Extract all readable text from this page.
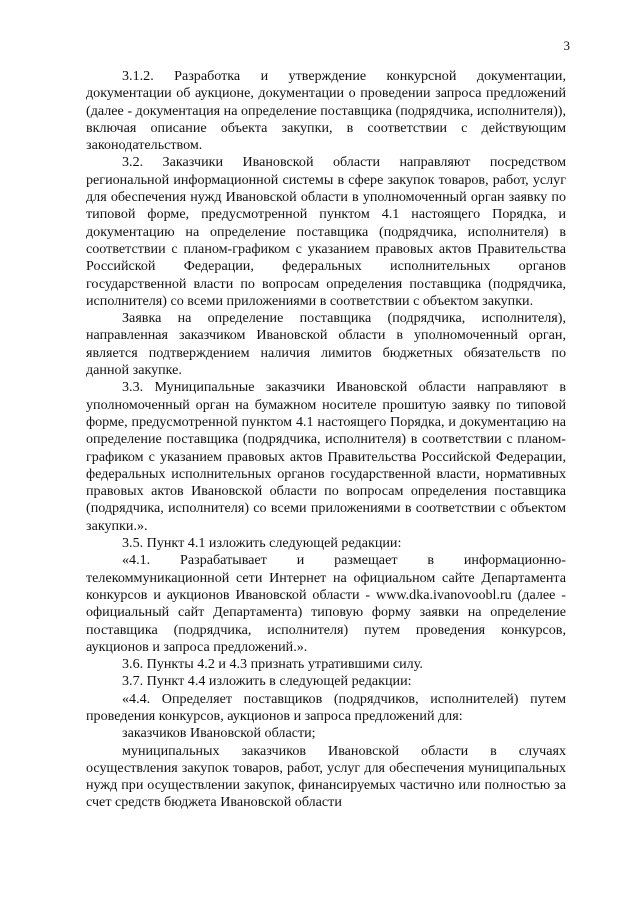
3

3.1.2. Разработка и утверждение конкурсной документации, документации об аукционе, документации о проведении запроса предложений (далее - документация на определение поставщика (подрядчика, исполнителя)), включая описание объекта закупки, в соответствии с действующим законодательством.

3.2. Заказчики Ивановской области направляют посредством региональной информационной системы в сфере закупок товаров, работ, услуг для обеспечения нужд Ивановской области в уполномоченный орган заявку по типовой форме, предусмотренной пунктом 4.1 настоящего Порядка, и документацию на определение поставщика (подрядчика, исполнителя) в соответствии с планом-графиком с указанием правовых актов Правительства Российской Федерации, федеральных исполнительных органов государственной власти по вопросам определения поставщика (подрядчика, исполнителя) со всеми приложениями в соответствии с объектом закупки.

Заявка на определение поставщика (подрядчика, исполнителя), направленная заказчиком Ивановской области в уполномоченный орган, является подтверждением наличия лимитов бюджетных обязательств по данной закупке.

3.3. Муниципальные заказчики Ивановской области направляют в уполномоченный орган на бумажном носителе прошитую заявку по типовой форме, предусмотренной пунктом 4.1 настоящего Порядка, и документацию на определение поставщика (подрядчика, исполнителя) в соответствии с планом-графиком с указанием правовых актов Правительства Российской Федерации, федеральных исполнительных органов государственной власти, нормативных правовых актов Ивановской области по вопросам определения поставщика (подрядчика, исполнителя) со всеми приложениями в соответствии с объектом закупки.».

3.5. Пункт 4.1 изложить следующей редакции:

«4.1. Разрабатывает и размещает в информационно-телекоммуникационной сети Интернет на официальном сайте Департамента конкурсов и аукционов Ивановской области - www.dka.ivanovoobl.ru (далее - официальный сайт Департамента) типовую форму заявки на определение поставщика (подрядчика, исполнителя) путем проведения конкурсов, аукционов и запроса предложений.».

3.6. Пункты 4.2 и 4.3 признать утратившими силу.

3.7. Пункт 4.4 изложить в следующей редакции:

«4.4. Определяет поставщиков (подрядчиков, исполнителей) путем проведения конкурсов, аукционов и запроса предложений для:

заказчиков Ивановской области;

муниципальных заказчиков Ивановской области в случаях осуществления закупок товаров, работ, услуг для обеспечения муниципальных нужд при осуществлении закупок, финансируемых частично или полностью за счет средств бюджета Ивановской области
